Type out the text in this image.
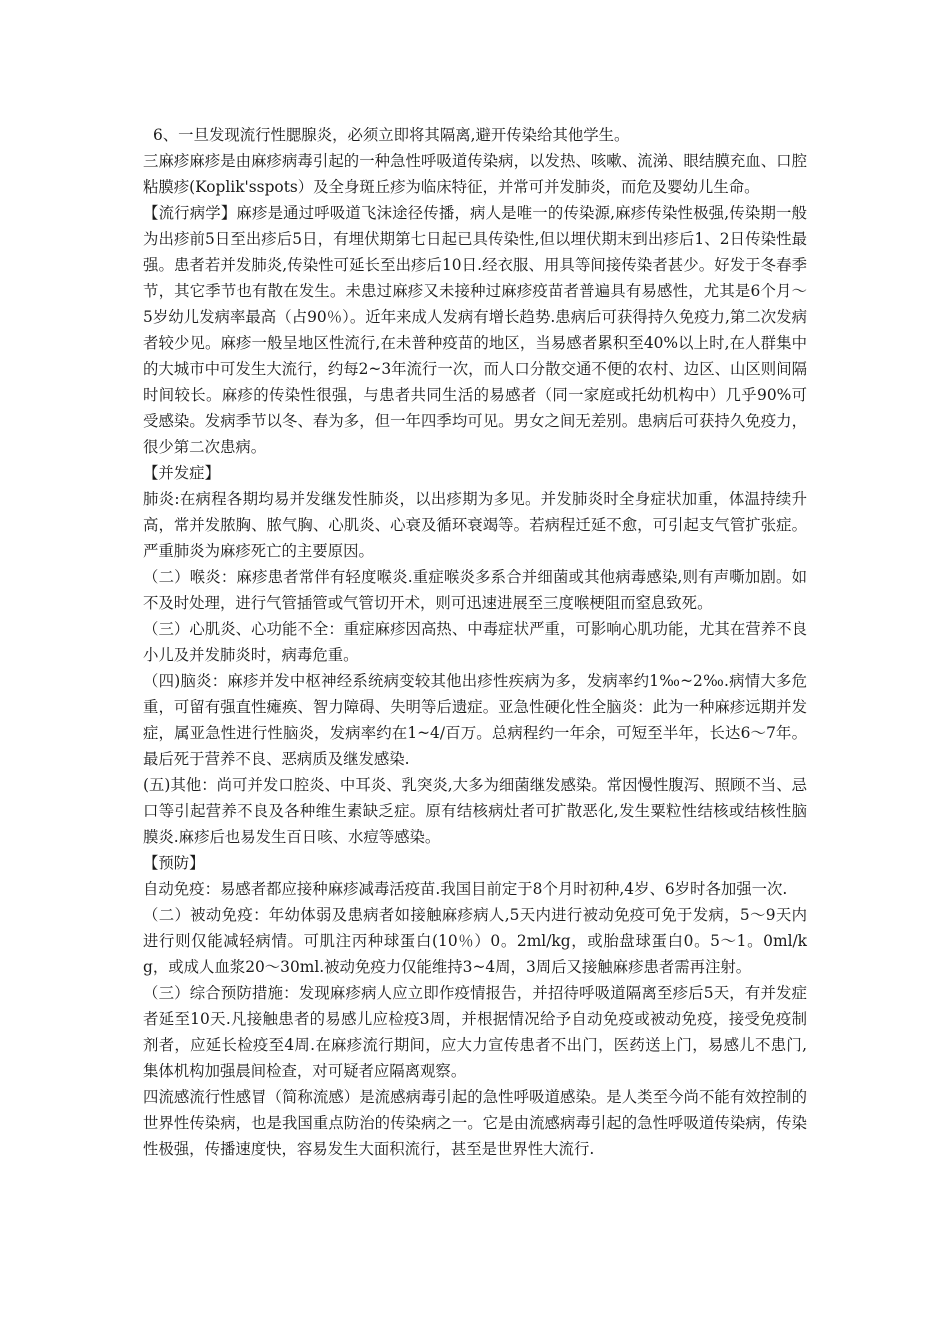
6、一旦发现流行性腮腺炎，必须立即将其隔离,避开传染给其他学生。

三麻疹麻疹是由麻疹病毒引起的一种急性呼吸道传染病，以发热、咳嗽、流涕、眼结膜充血、口腔粘膜疹(Koplik'sspots）及全身斑丘疹为临床特征，并常可并发肺炎，而危及婴幼儿生命。

【流行病学】麻疹是通过呼吸道飞沫途径传播，病人是唯一的传染源,麻疹传染性极强,传染期一般为出疹前5日至出疹后5日，有埋伏期第七日起已具传染性,但以埋伏期末到出疹后1、2日传染性最强。患者若并发肺炎,传染性可延长至出疹后10日.经衣服、用具等间接传染者甚少。好发于冬春季节，其它季节也有散在发生。未患过麻疹又未接种过麻疹疫苗者普遍具有易感性，尤其是6个月～5岁幼儿发病率最高（占90％）。近年来成人发病有增长趋势.患病后可获得持久免疫力,第二次发病者较少见。麻疹一般呈地区性流行,在未普种疫苗的地区，当易感者累积至40%以上时,在人群集中的大城市中可发生大流行，约每2~3年流行一次，而人口分散交通不便的农村、边区、山区则间隔时间较长。麻疹的传染性很强，与患者共同生活的易感者（同一家庭或托幼机构中）几乎90%可受感染。发病季节以冬、春为多，但一年四季均可见。男女之间无差别。患病后可获持久免疫力，很少第二次患病。

【并发症】

肺炎:在病程各期均易并发继发性肺炎，以出疹期为多见。并发肺炎时全身症状加重，体温持续升高，常并发脓胸、脓气胸、心肌炎、心衰及循环衰竭等。若病程迁延不愈，可引起支气管扩张症。严重肺炎为麻疹死亡的主要原因。

（二）喉炎：麻疹患者常伴有轻度喉炎.重症喉炎多系合并细菌或其他病毒感染,则有声嘶加剧。如不及时处理，进行气管插管或气管切开术，则可迅速进展至三度喉梗阻而窒息致死。

（三）心肌炎、心功能不全：重症麻疹因高热、中毒症状严重，可影响心肌功能，尤其在营养不良小儿及并发肺炎时，病毒危重。

（四)脑炎：麻疹并发中枢神经系统病变较其他出疹性疾病为多，发病率约1‰~2‰.病情大多危重，可留有强直性瘫痪、智力障碍、失明等后遗症。亚急性硬化性全脑炎：此为一种麻疹远期并发症，属亚急性进行性脑炎，发病率约在1~4/百万。总病程约一年余，可短至半年，长达6～7年。最后死于营养不良、恶病质及继发感染.

(五)其他：尚可并发口腔炎、中耳炎、乳突炎,大多为细菌继发感染。常因慢性腹泻、照顾不当、忌口等引起营养不良及各种维生素缺乏症。原有结核病灶者可扩散恶化,发生粟粒性结核或结核性脑膜炎.麻疹后也易发生百日咳、水痘等感染。

【预防】

自动免疫：易感者都应接种麻疹减毒活疫苗.我国目前定于8个月时初种,4岁、6岁时各加强一次.

（二）被动免疫：年幼体弱及患病者如接触麻疹病人,5天内进行被动免疫可免于发病，5～9天内进行则仅能减轻病情。可肌注丙种球蛋白(10％）0。2ml/kg，或胎盘球蛋白0。5～1。0ml/kg，或成人血浆20～30ml.被动免疫力仅能维持3~4周，3周后又接触麻疹患者需再注射。

（三）综合预防措施：发现麻疹病人应立即作疫情报告，并招待呼吸道隔离至疹后5天，有并发症者延至10天.凡接触患者的易感儿应检疫3周，并根据情况给予自动免疫或被动免疫，接受免疫制剂者，应延长检疫至4周.在麻疹流行期间，应大力宣传患者不出门，医药送上门，易感儿不患门,集体机构加强晨间检查，对可疑者应隔离观察。

四流感流行性感冒（简称流感）是流感病毒引起的急性呼吸道感染。是人类至今尚不能有效控制的世界性传染病，也是我国重点防治的传染病之一。它是由流感病毒引起的急性呼吸道传染病，传染性极强，传播速度快，容易发生大面积流行，甚至是世界性大流行.
